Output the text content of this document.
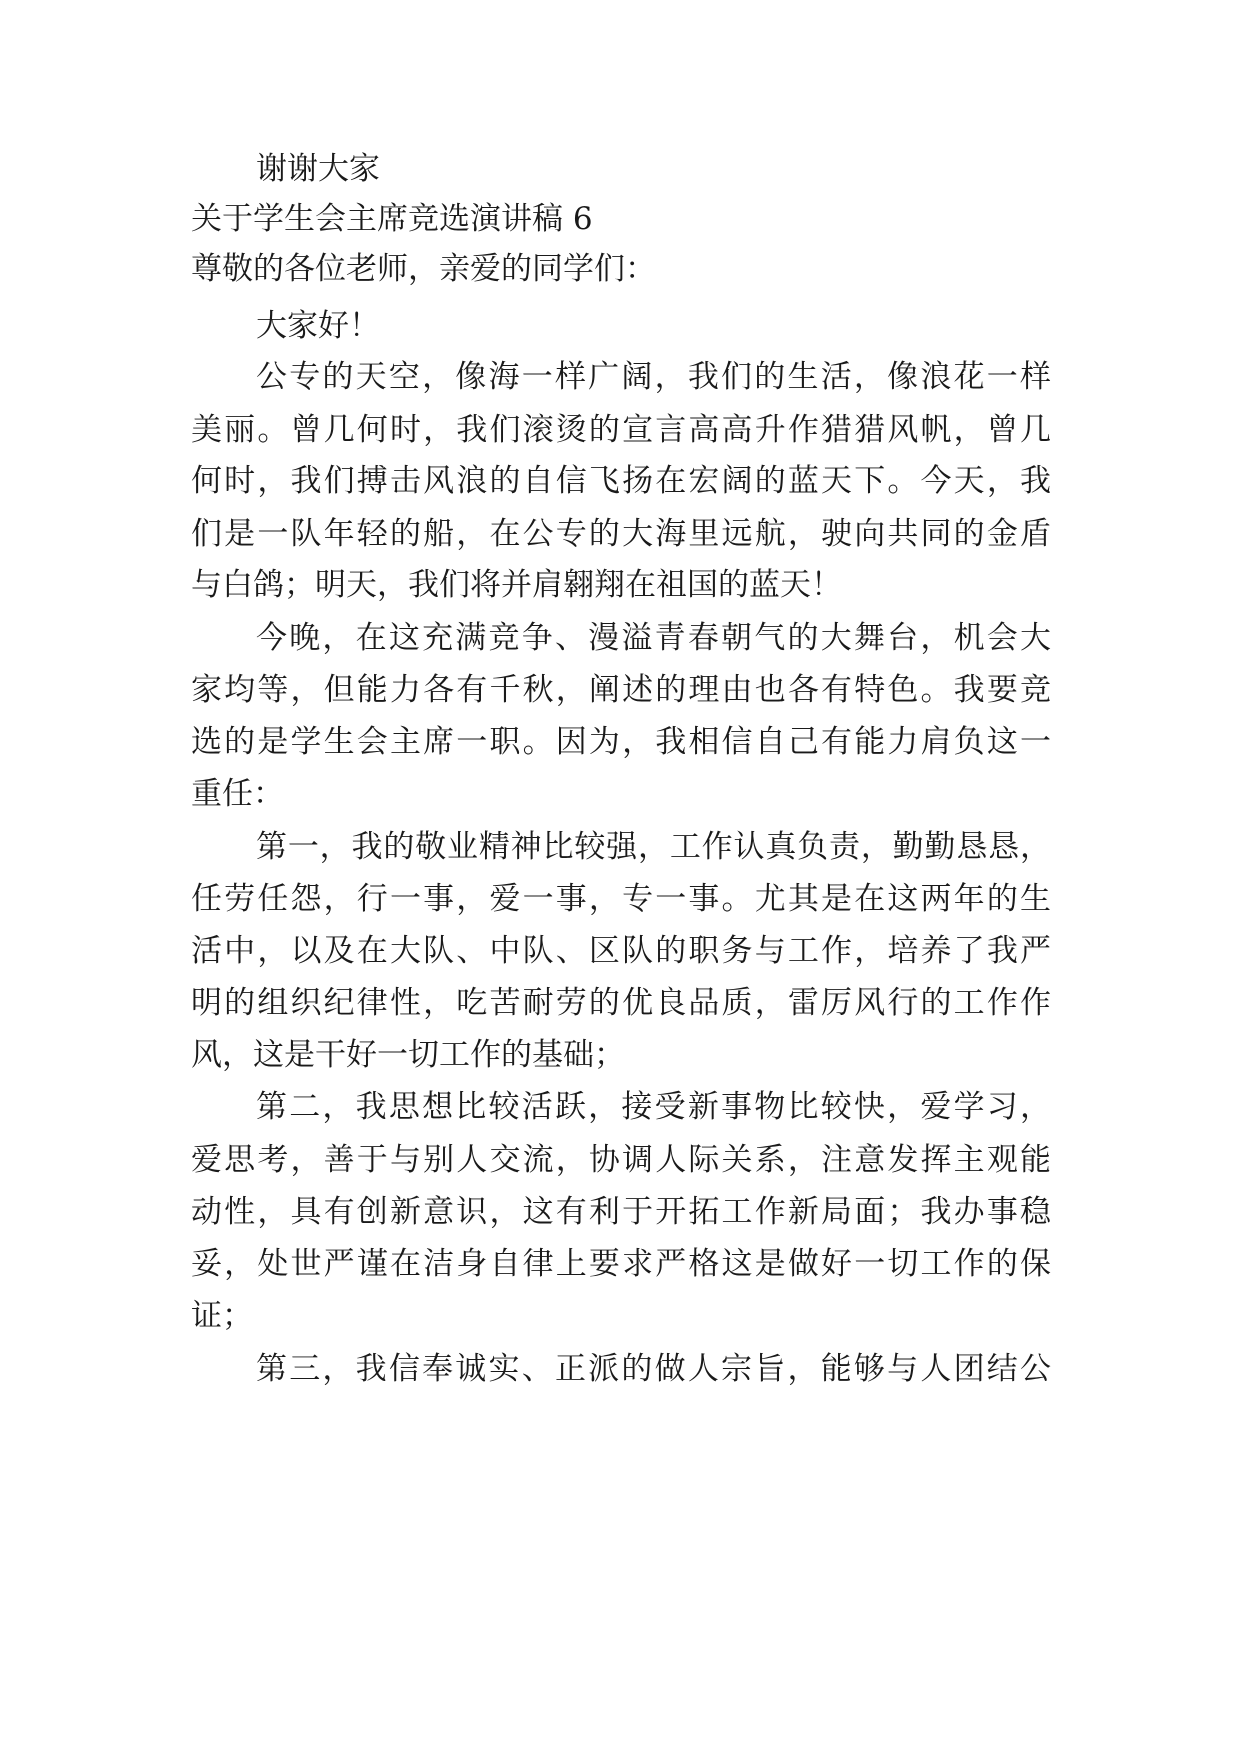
谢谢大家
关于学生会主席竞选演讲稿 6
尊敬的各位老师，亲爱的同学们：
大家好！
公专的天空，像海一样广阔，我们的生活，像浪花一样
美丽。曾几何时，我们滚烫的宣言高高升作猎猎风帆，曾几
何时，我们搏击风浪的自信飞扬在宏阔的蓝天下。今天，我
们是一队年轻的船，在公专的大海里远航，驶向共同的金盾
与白鸽；明天，我们将并肩翱翔在祖国的蓝天！
今晚，在这充满竞争、漫溢青春朝气的大舞台，机会大
家均等，但能力各有千秋，阐述的理由也各有特色。我要竞
选的是学生会主席一职。因为，我相信自己有能力肩负这一
重任：
第一，我的敬业精神比较强，工作认真负责，勤勤恳恳，
任劳任怨，行一事，爱一事，专一事。尤其是在这两年的生
活中，以及在大队、中队、区队的职务与工作，培养了我严
明的组织纪律性，吃苦耐劳的优良品质，雷厉风行的工作作
风，这是干好一切工作的基础；
第二，我思想比较活跃，接受新事物比较快，爱学习，
爱思考，善于与别人交流，协调人际关系，注意发挥主观能
动性，具有创新意识，这有利于开拓工作新局面；我办事稳
妥，处世严谨在洁身自律上要求严格这是做好一切工作的保
证；
第三，我信奉诚实、正派的做人宗旨，能够与人团结公
